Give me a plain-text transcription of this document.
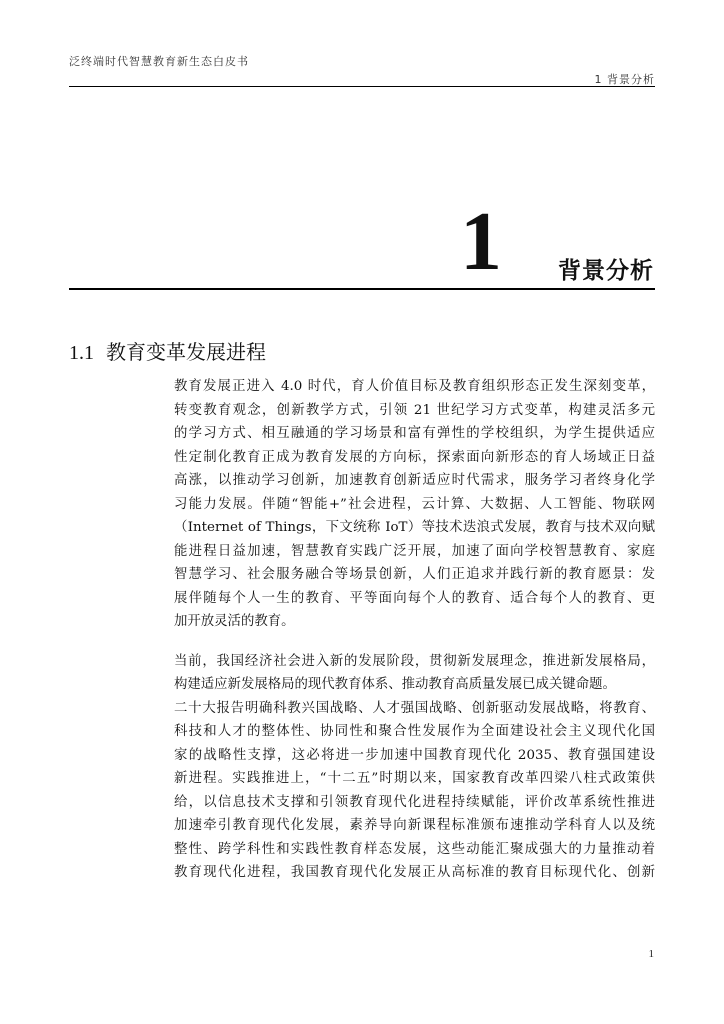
泛终端时代智慧教育新生态白皮书
1 背景分析
1	背景分析
1.1 教育变革发展进程
教育发展正进入 4.0 时代，育人价值目标及教育组织形态正发生深刻变革，
转变教育观念，创新教学方式，引领 21 世纪学习方式变革，构建灵活多元
的学习方式、相互融通的学习场景和富有弹性的学校组织，为学生提供适应
性定制化教育正成为教育发展的方向标，探索面向新形态的育人场域正日益
高涨，以推动学习创新，加速教育创新适应时代需求，服务学习者终身化学
习能力发展。伴随“智能+”社会进程，云计算、大数据、人工智能、物联网
（Internet of Things，下文统称 IoT）等技术迭浪式发展，教育与技术双向赋
能进程日益加速，智慧教育实践广泛开展，加速了面向学校智慧教育、家庭
智慧学习、社会服务融合等场景创新，人们正追求并践行新的教育愿景：发
展伴随每个人一生的教育、平等面向每个人的教育、适合每个人的教育、更
加开放灵活的教育。
当前，我国经济社会进入新的发展阶段，贯彻新发展理念，推进新发展格局，
构建适应新发展格局的现代教育体系、推动教育高质量发展已成关键命题。
二十大报告明确科教兴国战略、人才强国战略、创新驱动发展战略，将教育、
科技和人才的整体性、协同性和聚合性发展作为全面建设社会主义现代化国
家的战略性支撑，这必将进一步加速中国教育现代化 2035、教育强国建设
新进程。实践推进上，“十二五”时期以来，国家教育改革四梁八柱式政策供
给，以信息技术支撑和引领教育现代化进程持续赋能，评价改革系统性推进
加速牵引教育现代化发展，素养导向新课程标准颁布速推动学科育人以及统
整性、跨学科性和实践性教育样态发展，这些动能汇聚成强大的力量推动着
教育现代化进程，我国教育现代化发展正从高标准的教育目标现代化、创新
1
